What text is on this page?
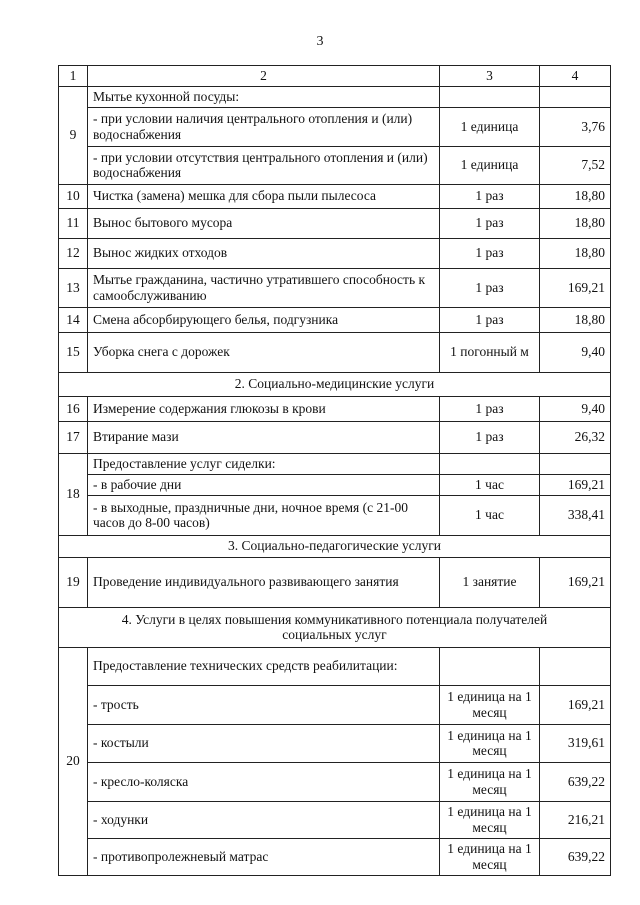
3
1	2	3	4
9	Мытье кухонной посуды:		
	- при условии наличия центрального отопления и (или) водоснабжения	1 единица	3,76
	- при условии отсутствия центрального отопления и (или) водоснабжения	1 единица	7,52
10	Чистка (замена) мешка для сбора пыли пылесоса	1 раз	18,80
11	Вынос бытового мусора	1 раз	18,80
12	Вынос жидких отходов	1 раз	18,80
13	Мытье гражданина, частично утратившего способность к самообслуживанию	1 раз	169,21
14	Смена абсорбирующего белья, подгузника	1 раз	18,80
15	Уборка снега с дорожек	1 погонный м	9,40
2. Социально-медицинские услуги			
16	Измерение содержания глюкозы в крови	1 раз	9,40
17	Втирание мази	1 раз	26,32
18	Предоставление услуг сиделки:		
	- в рабочие дни	1 час	169,21
	- в выходные, праздничные дни, ночное время (с 21-00 часов до 8-00 часов)	1 час	338,41
3. Социально-педагогические услуги			
19	Проведение индивидуального развивающего занятия	1 занятие	169,21
4. Услуги в целях повышения коммуникативного потенциала получателей социальных услуг			
20	Предоставление технических средств реабилитации:		
	- трость	1 единица на 1 месяц	169,21
	- костыли	1 единица на 1 месяц	319,61
	- кресло-коляска	1 единица на 1 месяц	639,22
	- ходунки	1 единица на 1 месяц	216,21
	- противопролежневый матрас	1 единица на 1 месяц	639,22
